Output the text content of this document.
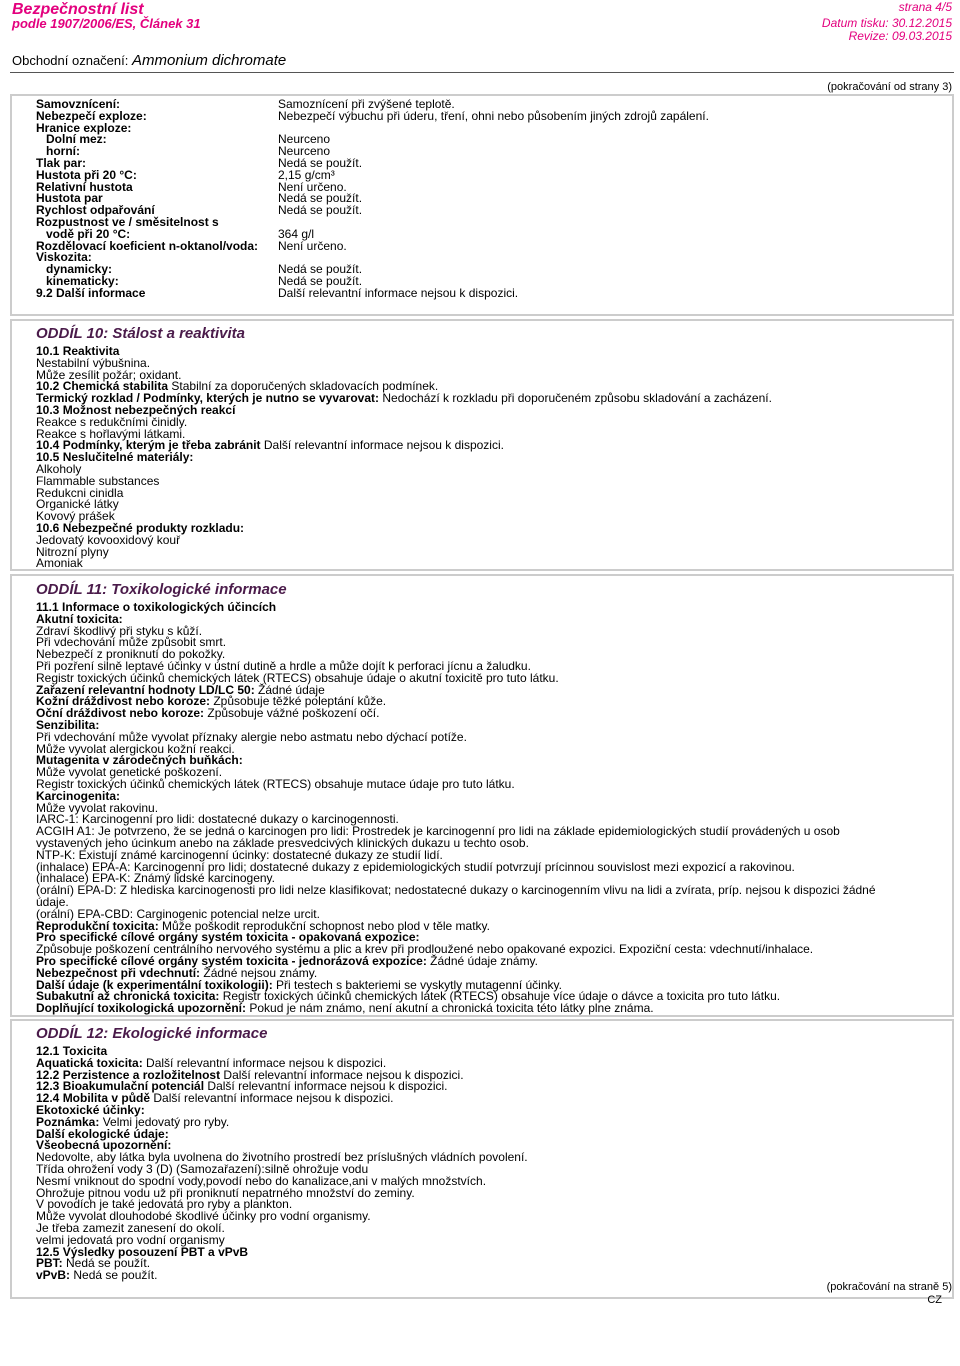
Bezpečnostní list
podle 1907/2006/ES, Článek 31
strana 4/5
Datum tisku: 30.12.2015
Revize: 09.03.2015
Obchodní označení: Ammonium dichromate
(pokračování od strany 3)
Samovznícení:	Samoznícení při zvýšené teplotě.
Nebezpečí exploze:	Nebezpečí výbuchu při úderu, tření, ohni nebo působením jiných zdrojů zapálení.
Hranice exploze:
Dolní mez:	Neurceno
horní:	Neurceno
Tlak par:	Nedá se použít.
Hustota při 20 °C:	2,15 g/cm³
Relativní hustota	Není určeno.
Hustota par	Nedá se použít.
Rychlost odpařování	Nedá se použít.
Rozpustnost ve / směsitelnost s
vodě při 20 °C:	364 g/l
Rozdělovací koeficient n-oktanol/voda: Není určeno.
Viskozita:
dynamicky:	Nedá se použít.
kinematicky:	Nedá se použít.
9.2 Další informace	Další relevantní informace nejsou k dispozici.
ODDÍL 10: Stálost a reaktivita
10.1 Reaktivita
Nestabilní výbušnina.
Může zesílit požár; oxidant.
10.2 Chemická stabilita Stabilní za doporučených skladovacích podmínek.
Termický rozklad / Podmínky, kterých je nutno se vyvarovat: Nedochází k rozkladu při doporučeném způsobu skladování a zacházení.
10.3 Možnost nebezpečných reakcí
Reakce s redukčními činidly.
Reakce s hořlavými látkami.
10.4 Podmínky, kterým je třeba zabránit Další relevantní informace nejsou k dispozici.
10.5 Neslučitelné materiály:
Alkoholy
Flammable substances
Redukcni cinidla
Organické látky
Kovový prášek
10.6 Nebezpečné produkty rozkladu:
Jedovatý kovooxidový kouř
Nitrozní plyny
Amoniak
ODDÍL 11: Toxikologické informace
11.1 Informace o toxikologických účincích
Akutní toxicita:
Zdraví škodlivý při styku s kůží.
Při vdechování může způsobit smrt.
Nebezpečí z proniknutí do pokožky.
Při pozření silně leptavé účinky v ústní dutině a hrdle a může dojít k perforaci jícnu a žaludku.
Registr toxických účinků chemických látek (RTECS) obsahuje údaje o akutní toxicitě pro tuto látku.
Zařazení relevantní hodnoty LD/LC 50: Žádné údaje
Kožní dráždivost nebo koroze: Způsobuje těžké poleptání kůže.
Oční dráždivost nebo koroze: Způsobuje vážné poškození očí.
Senzibilita:
Při vdechování může vyvolat příznaky alergie nebo astmatu nebo dýchací potíže.
Může vyvolat alergickou kožní reakci.
Mutagenita v zárodečných buňkách:
Může vyvolat genetické poškození.
Registr toxických účinků chemických látek (RTECS) obsahuje mutace údaje pro tuto látku.
Karcinogenita:
Může vyvolat rakovinu.
IARC-1: Karcinogenní pro lidi: dostatecné dukazy o karcinogennosti.
ACGIH A1: Je potvrzeno, že se jedná o karcinogen pro lidi: Prostredek je karcinogenní pro lidi na základe epidemiologických studií provádených u osob
vystavených jeho úcinkum anebo na základe presvedcivých klinických dukazu u techto osob.
NTP-K: Existují známé karcinogenní úcinky: dostatecné dukazy ze studií lidí.
(inhalace) EPA-A: Karcinogenní pro lidi; dostatecné dukazy z epidemiologických studií potvrzují prícinnou souvislost mezi expozicí a rakovinou.
(inhalace) EPA-K: Známý lidské karcinogeny.
(orální) EPA-D: Z hlediska karcinogenosti pro lidi nelze klasifikovat; nedostatecné dukazy o karcinogenním vlivu na lidi a zvírata, príp. nejsou k dispozici žádné
údaje.
(orální) EPA-CBD: Carginogenic potencial nelze urcit.
Reprodukční toxicita: Může poškodit reprodukční schopnost nebo plod v těle matky.
Pro specifické cílové orgány systém toxicita - opakovaná expozice:
Způsobuje poškození centrálního nervového systému a plic a krev při prodloužené nebo opakované expozici. Expoziční cesta: vdechnutí/inhalace.
Pro specifické cílové orgány systém toxicita - jednorázová expozice: Žádné údaje známy.
Nebezpečnost při vdechnutí: Žádné nejsou známy.
Další údaje (k experimentální toxikologii): Při testech s bakteriemi se vyskytly mutagenní účinky.
Subakutní až chronická toxicita: Registr toxických účinků chemických látek (RTECS) obsahuje více údaje o dávce a toxicita pro tuto látku.
Doplňující toxikologická upozornění: Pokud je nám známo, není akutní a chronická toxicita této látky plne známa.
ODDÍL 12: Ekologické informace
12.1 Toxicita
Aquatická toxicita: Další relevantní informace nejsou k dispozici.
12.2 Perzistence a rozložitelnost Další relevantní informace nejsou k dispozici.
12.3 Bioakumulační potenciál Další relevantní informace nejsou k dispozici.
12.4 Mobilita v půdě Další relevantní informace nejsou k dispozici.
Ekotoxické účinky:
Poznámka: Velmi jedovatý pro ryby.
Další ekologické údaje:
Všeobecná upozornění:
Nedovolte, aby látka byla uvolnena do životního prostredí bez príslušných vládních povolení.
Třída ohrožení vody 3 (D) (Samozařazení):silně ohrožuje vodu
Nesmí vniknout do spodní vody,povodí nebo do kanalizace,ani v malých množstvích.
Ohrožuje pitnou vodu už při proniknutí nepatrného množství do zeminy.
V povodích je také jedovatá pro ryby a plankton.
Může vyvolat dlouhodobé škodlivé účinky pro vodní organismy.
Je třeba zamezit zanesení do okolí.
velmi jedovatá pro vodní organismy
12.5 Výsledky posouzení PBT a vPvB
PBT: Nedá se použít.
vPvB: Nedá se použít.
(pokračování na straně 5)
CZ
